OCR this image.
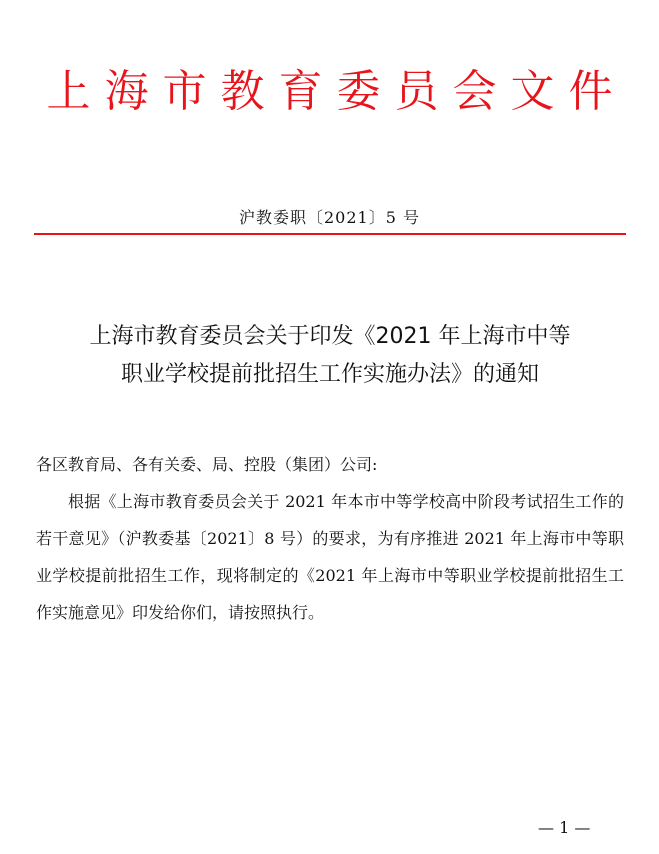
上海市教育委员会文件
沪教委职〔2021〕5 号
上海市教育委员会关于印发《2021 年上海市中等
职业学校提前批招生工作实施办法》的通知
各区教育局、各有关委、局、控股（集团）公司:
根据《上海市教育委员会关于 2021 年本市中等学校高中阶段考试招生工作的若干意见》（沪教委基〔2021〕8 号）的要求，为有序推进 2021 年上海市中等职业学校提前批招生工作，现将制定的《2021 年上海市中等职业学校提前批招生工作实施意见》印发给你们，请按照执行。
— 1 —
